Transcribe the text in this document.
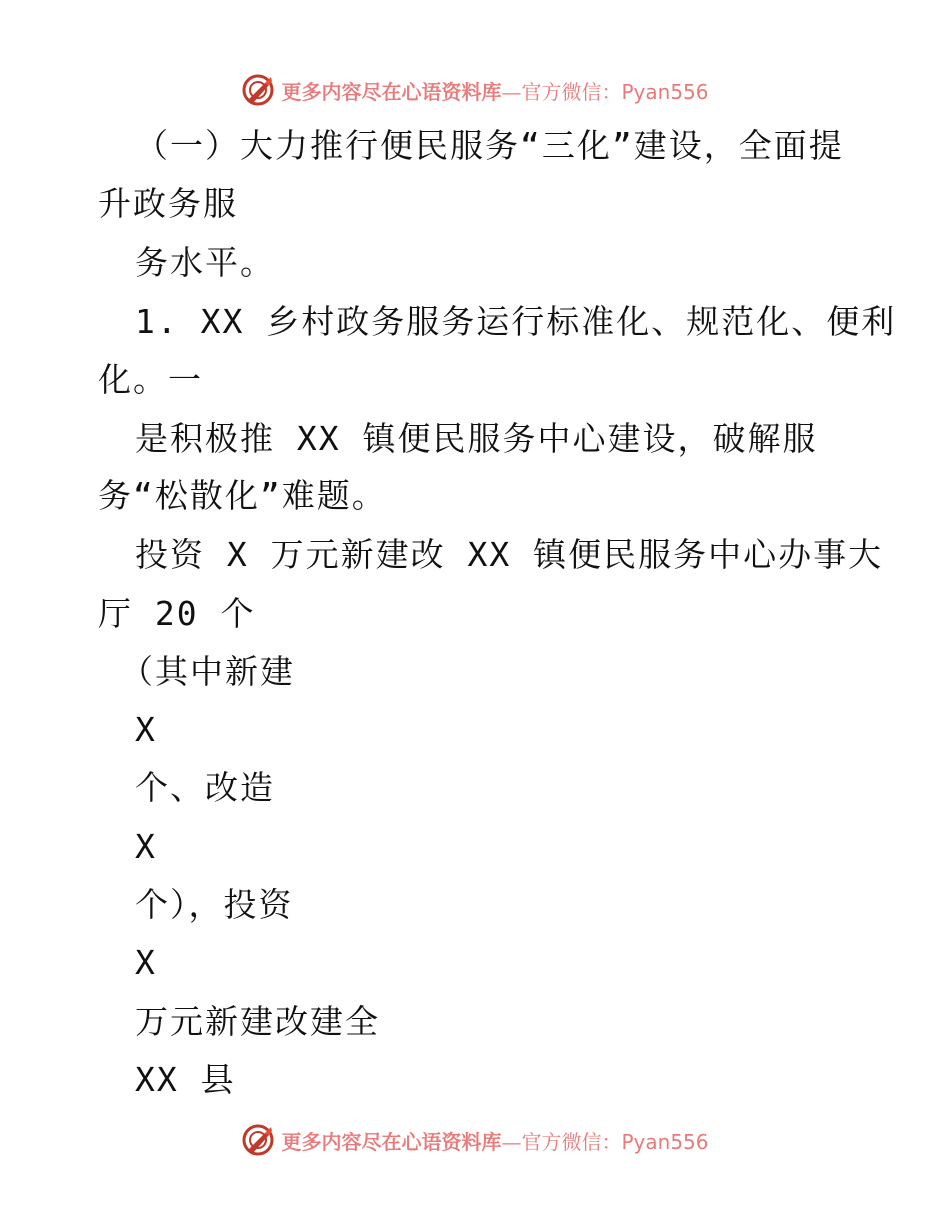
更多内容尽在心语资料库—官方微信：Pyan556
（一）大力推行便民服务“三化”建设，全面提
升政务服
务水平。
1. XX 乡村政务服务运行标准化、规范化、便利
化。一
是积极推 XX 镇便民服务中心建设，破解服
务“松散化”难题。
投资 X 万元新建改 XX 镇便民服务中心办事大
厅 20 个
（其中新建
X
个、改造
X
个），投资
X
万元新建改建全
XX 县
更多内容尽在心语资料库—官方微信：Pyan556
